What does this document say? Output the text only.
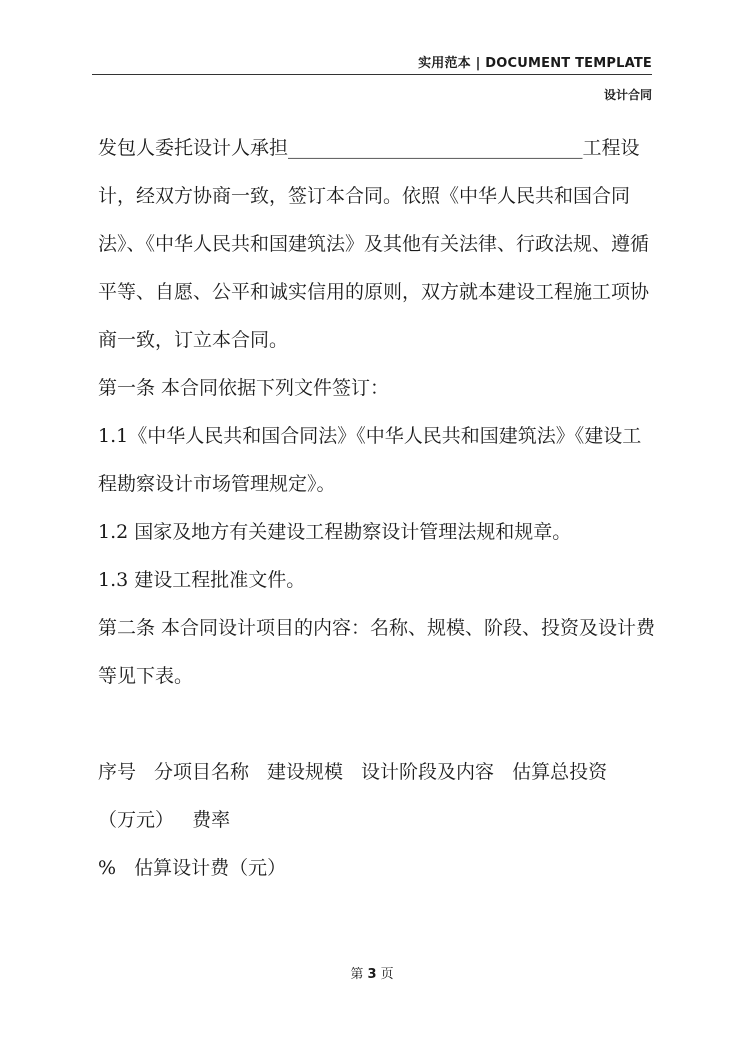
实用范本 | DOCUMENT TEMPLATE
设计合同
发包人委托设计人承担_______________________________工程设
计，经双方协商一致，签订本合同。依照《中华人民共和国合同
法》、《中华人民共和国建筑法》及其他有关法律、行政法规、遵循
平等、自愿、公平和诚实信用的原则，双方就本建设工程施工项协
商一致，订立本合同。
第一条 本合同依据下列文件签订：
1.1《中华人民共和国合同法》《中华人民共和国建筑法》《建设工
程勘察设计市场管理规定》。
1.2 国家及地方有关建设工程勘察设计管理法规和规章。
1.3 建设工程批准文件。
第二条 本合同设计项目的内容：名称、规模、阶段、投资及设计费
等见下表。
序号 分项目名称 建设规模 设计阶段及内容 估算总投资
（万元）   费率
%   估算设计费（元）
第 3 页
